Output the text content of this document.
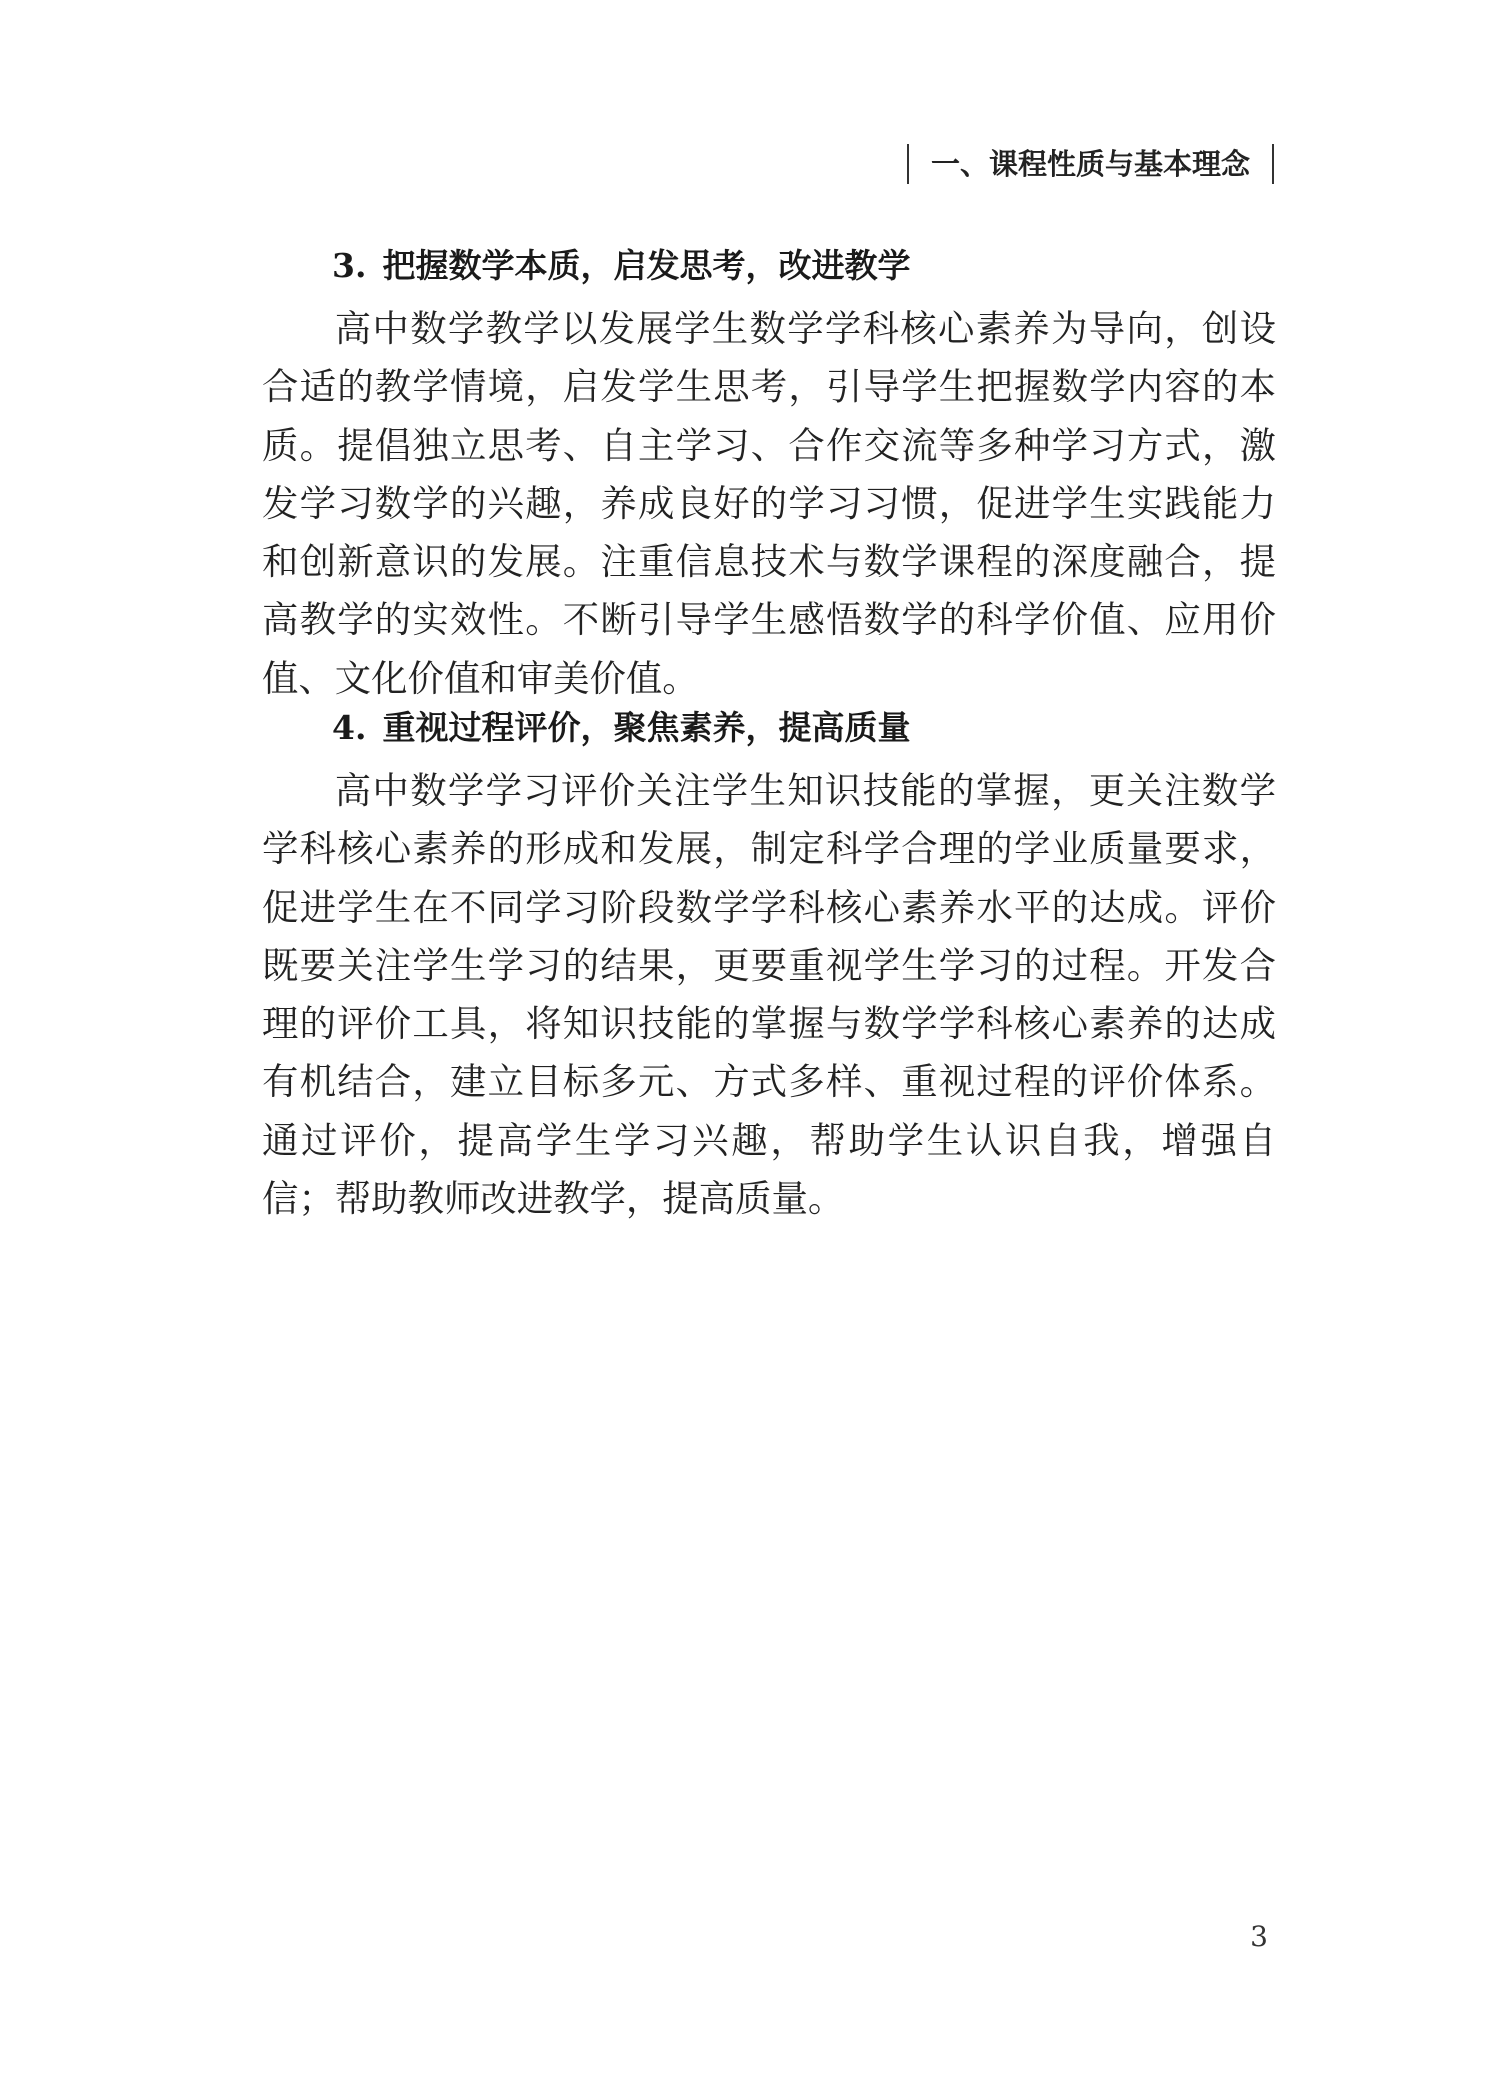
一、课程性质与基本理念
3. 把握数学本质，启发思考，改进教学

高中数学教学以发展学生数学学科核心素养为导向，创设合适的教学情境，启发学生思考，引导学生把握数学内容的本质。提倡独立思考、自主学习、合作交流等多种学习方式，激发学习数学的兴趣，养成良好的学习习惯，促进学生实践能力和创新意识的发展。注重信息技术与数学课程的深度融合，提高教学的实效性。不断引导学生感悟数学的科学价值、应用价值、文化价值和审美价值。

4. 重视过程评价，聚焦素养，提高质量

高中数学学习评价关注学生知识技能的掌握，更关注数学学科核心素养的形成和发展，制定科学合理的学业质量要求，促进学生在不同学习阶段数学学科核心素养水平的达成。评价既要关注学生学习的结果，更要重视学生学习的过程。开发合理的评价工具，将知识技能的掌握与数学学科核心素养的达成有机结合，建立目标多元、方式多样、重视过程的评价体系。通过评价，提高学生学习兴趣，帮助学生认识自我，增强自信；帮助教师改进教学，提高质量。

3
